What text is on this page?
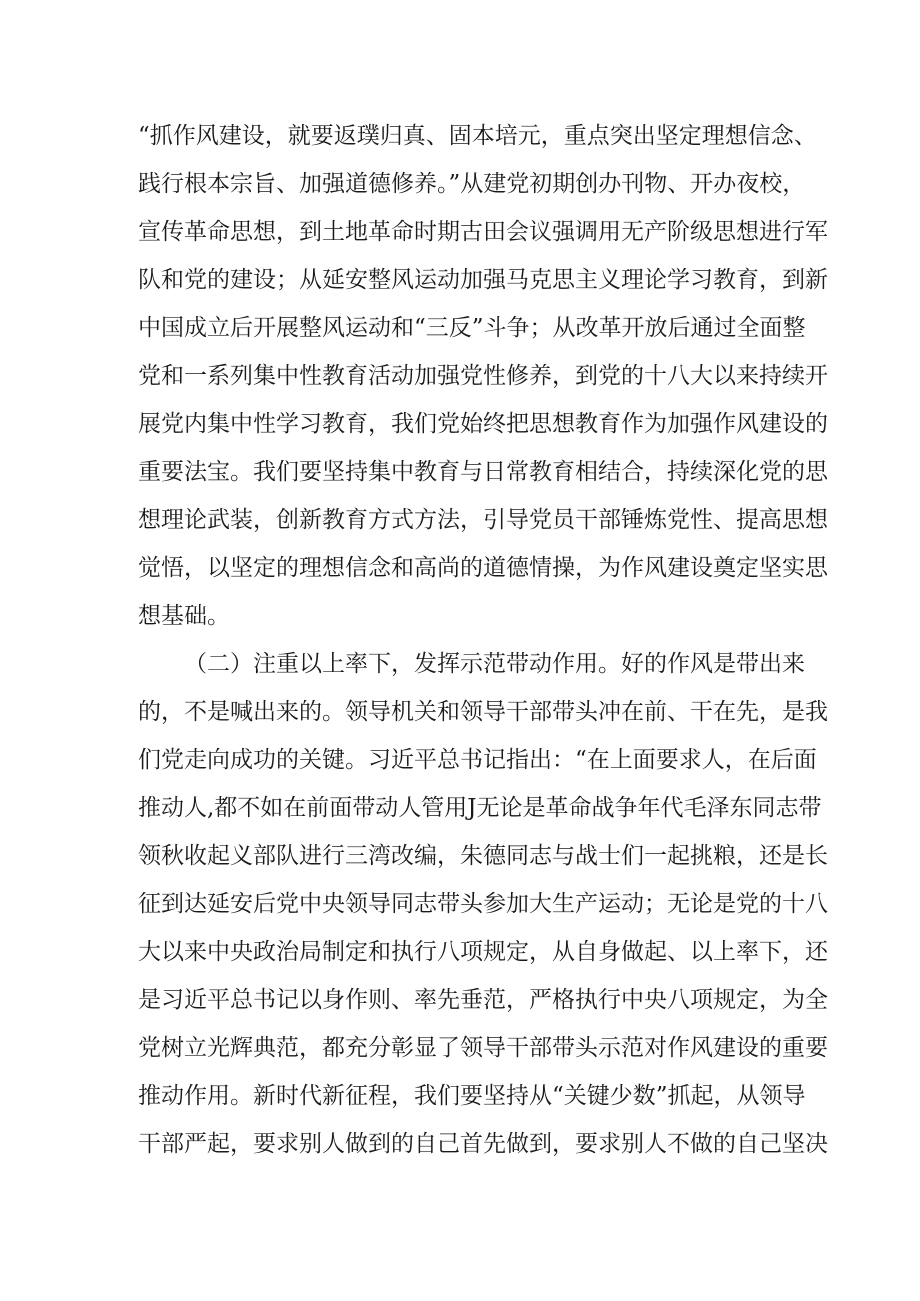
“抓作风建设，就要返璞归真、固本培元，重点突出坚定理想信念、
践行根本宗旨、加强道德修养。”从建党初期创办刊物、开办夜校，
宣传革命思想，到土地革命时期古田会议强调用无产阶级思想进行军
队和党的建设；从延安整风运动加强马克思主义理论学习教育，到新
中国成立后开展整风运动和“三反”斗争；从改革开放后通过全面整
党和一系列集中性教育活动加强党性修养，到党的十八大以来持续开
展党内集中性学习教育，我们党始终把思想教育作为加强作风建设的
重要法宝。我们要坚持集中教育与日常教育相结合，持续深化党的思
想理论武装，创新教育方式方法，引导党员干部锤炼党性、提高思想
觉悟，以坚定的理想信念和高尚的道德情操，为作风建设奠定坚实思
想基础。
（二）注重以上率下，发挥示范带动作用。好的作风是带出来
的，不是喊出来的。领导机关和领导干部带头冲在前、干在先，是我
们党走向成功的关键。习近平总书记指出：“在上面要求人，在后面
推动人,都不如在前面带动人管用J无论是革命战争年代毛泽东同志带
领秋收起义部队进行三湾改编，朱德同志与战士们一起挑粮，还是长
征到达延安后党中央领导同志带头参加大生产运动；无论是党的十八
大以来中央政治局制定和执行八项规定，从自身做起、以上率下，还
是习近平总书记以身作则、率先垂范，严格执行中央八项规定，为全
党树立光辉典范，都充分彰显了领导干部带头示范对作风建设的重要
推动作用。新时代新征程，我们要坚持从“关键少数”抓起，从领导
干部严起，要求别人做到的自己首先做到，要求别人不做的自己坚决
